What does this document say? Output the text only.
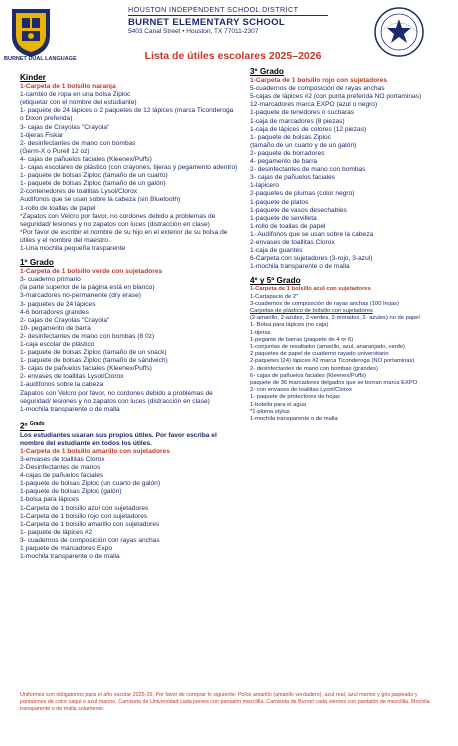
BURNET DUAL LANGUAGE
HOUSTON INDEPENDENT SCHOOL DISTRICT
BURNET ELEMENTARY SCHOOL
5403 Canal Street • Houston, TX 77011-2307
Lista de útiles escolares 2025–2026
Kinder
1-Carpeta de 1 bolsillo naranja
1-cambio de ropa en una bolsa Ziploc
(etiquetar con el nombre del estudiante)
1- paquete de 24 lápices o 2 paquetes de 12 lápices (marca Ticonderoga o Dixon preferida)
3- cajas de Crayolas "Crayola"
1-tijeras Fiskar
2- desinfectantes de mano con bombas
(Germ-X o Purell 12 oz)
4- cajas de pañuelos faciales (Kleenex/Puffs)
1- cajas escolares de plástico (con crayones, tijeras y pegamento adentro)
1- paquete de bolsas Ziploc (tamaño de un cuarto)
1- paquete de bolsas Ziploc (tamaño de un galón)
2-contenedores de toallitas Lysol/Clorox
Audífonos que se usan sobre la cabeza (sin Bluetooth)
1-rollo de toallas de papel
*Zapatos con Velcro por favor, no cordones debido a problemas de seguridad/ lesiones y no zapatos con luces (distracción en clase)
*Por favor de escribir el nombre de su hijo en el exterior de su bolsa de útiles y el nombre del maestro.
1-Una mochila pequeña trasparente
1º Grado
1-Carpeta de 1 bolsillo verde con sujetadores
3- cuaderno primario
(la parte superior de la página está en blanco)
3-marcadores no-permanente (dry erase)
3- paquetes de 24 lápices
4-6 borradores grandes
2- cajas de Crayolas "Crayola"
10- pegamento de barra
2- desinfectantes de mano con bombas (8 0z)
1-caja escolar de plástico
1- paquete de bolsas Ziploc (tamaño de un snack)
1- paquete de bolsas Ziploc (tamaño de sándwich)
3- cajas de pañuelos faciales (Kleenex/Puffs)
2- envases de toallitas Lysol/Clorox
1-audífonos sobre la cabeza
Zapatos con Velcro por favor, no cordones debido a problemas de seguridad/ lesiones y no zapatos con luces (distracción en clase)
1-mochila transparente o de malla
2º $^{Grado}$
Los estudiantes usaran sus propios útiles. Por favor escriba el nombre del estudiante en todos los útiles.
1-Carpeta de 1 bolsillo amarillo con sujetadores
3-envases de toallitas Clorox
2-Desinfectantes de manos
4-cajas de pañuelos faciales
1-paquete de bolsas Ziploc (un cuarto de galón)
1-paquete de bolsas Ziploc (galón)
1-bolsa para lápices
1-Carpeta de 1 bolsillo azul con sujetadores
1-Carpeta de 1 bolsillo rojo con sujetadores
1-Carpeta de 1 bolsillo amarillo con sujetadores
1- paquete de lápices #2
3- cuadernos de composición con rayas anchas
1 paquete de marcadores Expo
1-mochila transparente o de malla
3º Grado
1-Carpeta de 1 bolsillo rojo con sujetadores
5-cuadernos de composición de rayas anchas
5-cajas de lápices #2 (con punta preferida NO portaminas)
12-marcadores marca EXPO (azul o negro)
1-paquete de tenedores o cucharas
1-caja de marcadores (8 piezas)
1-caja de lápices de colores (12 piezas)
1- paquete de bolsas Ziploc
(tamaño de un cuarto y de un galón)
2- paquete de borradores
4- pegamento de barra
2- desinfectantes de mano con bombas
3- cajas de pañuelos faciales
1-lapicero
2-paquetes de plumas (color negro)
1-paquete de platos
1-paquete de vasos desechables
1-paquete de servilleta
1-rollo de toallas de papel
1- Audífonos que se usan sobre la cabeza
2-envases de toallitas Clorox
1-caja de guantes
6-Carpeta con sujetadores (3-rojo, 3-azul)
1-mochila transparente o de malla
4º y 5º Grado
1-Carpeta de 1 bolsillo azul con sujetadores
1-Cartapacio de 2"
3-cuadernos de composición de rayas anchas (100 hojas)
Carpetas de plástico de bolsillo con sujetadores
(2-amarillo, 2-azules, 2-verdes, 2-morados, 2- azules) no de papel
1- Bolsa para lápices (no caja)
1-tijeras
1-pegante de barras (paquete de 4 or 6)
1-conjuntas de resaltador (amarillo, azul, anaranjado, verde)
2 paquetes de papel de cuaderno rayado universitario
2-paquetes (24) lápices #2 marca Ticonderoga (NO portaminas)
2- desinfectantes de mano con bombas (grandes)
6- cajas de pañuelos faciales (Kleenex/Puffs)
paquete de 36 marcadores delgados que se borran marca EXPO
2- con envases de toallitas Lysol/Clorox
1- paquete de protectores de hojas
1-botella para el agua
*1-pluma stylus
1-mochila transparente o de malla
Uniformes son obligatorios para el año escolar 2025-26. Por favor de comprar lo siguiente: Polos amarillo (amarillo verdadero), azul real, azul marino y gris jaspeado y pantalones de color caqui o azul marino. Camiseta de Universidad cada jueves con pantalón mezclilla. Camiseta de Burnet cada viernes con pantalón de mezclilla. Mochila transparente o de malla solamente.
